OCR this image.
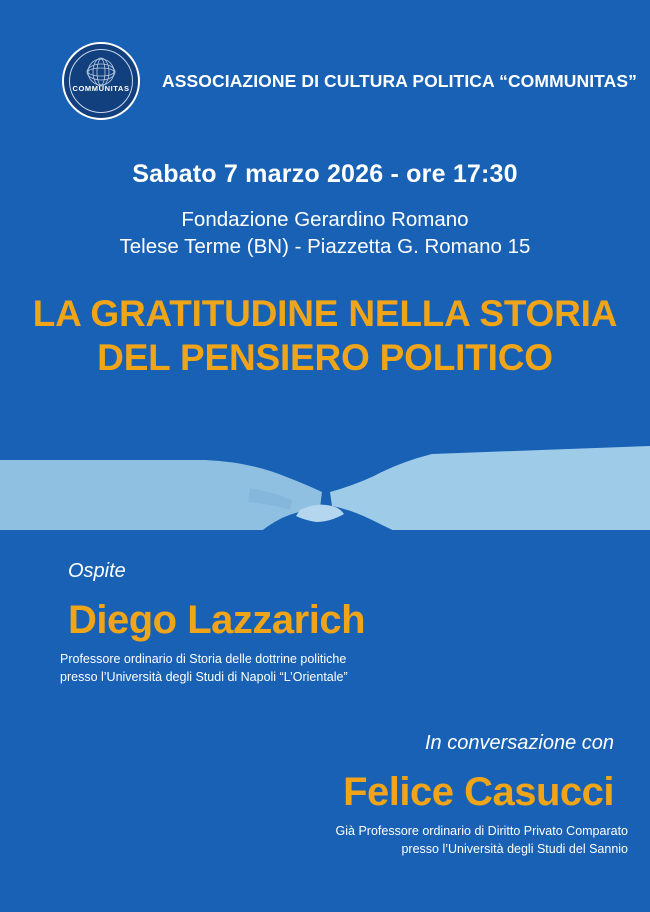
COMMUNITAS ASSOCIAZIONE DI CULTURA POLITICA “COMMUNITAS”
Sabato 7 marzo 2026 - ore 17:30
Fondazione Gerardino Romano
Telese Terme (BN) - Piazzetta G. Romano 15
LA GRATITUDINE NELLA STORIA
DEL PENSIERO POLITICO
Ospite
Diego Lazzarich
Professore ordinario di Storia delle dottrine politiche
presso l’Università degli Studi di Napoli “L’Orientale”
In conversazione con
Felice Casucci
Già Professore ordinario di Diritto Privato Comparato
presso l’Università degli Studi del Sannio
